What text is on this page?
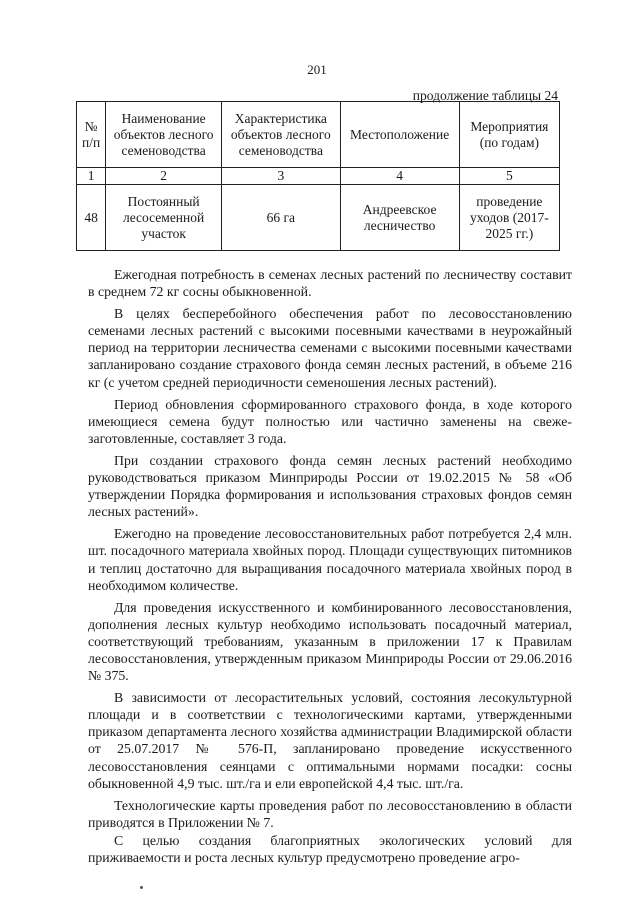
201
продолжение таблицы 24
№ п/п	Наименование объектов лесного семеноводства	Характеристика объектов лесного семеноводства	Местоположение	Мероприятия (по годам)
1	2	3	4	5
48	Постоянный лесосеменной участок	66 га	Андреевское лесничество	проведение уходов (2017-2025 гг.)

Ежегодная потребность в семенах лесных растений по лесничеству составит в среднем 72 кг сосны обыкновенной.

В целях бесперебойного обеспечения работ по лесовосстановлению семенами лесных растений с высокими посевными качествами в неурожайный период на территории лесничества семенами с высокими посевными качествами запланировано создание страхового фонда семян лесных растений, в объеме 216 кг (с учетом средней периодичности семеношения лесных растений).

Период обновления сформированного страхового фонда, в ходе которого имеющиеся семена будут полностью или частично заменены на свеже-заготовленные, составляет 3 года.

При создании страхового фонда семян лесных растений необходимо руководствоваться приказом Минприроды России от 19.02.2015 № 58 «Об утверждении Порядка формирования и использования страховых фондов семян лесных растений».

Ежегодно на проведение лесовосстановительных работ потребуется 2,4 млн. шт. посадочного материала хвойных пород. Площади существующих питомников и теплиц достаточно для выращивания посадочного материала хвойных пород в необходимом количестве.

Для проведения искусственного и комбинированного лесовосстановления, дополнения лесных культур необходимо использовать посадочный материал, соответствующий требованиям, указанным в приложении 17 к Правилам лесовосстановления, утвержденным приказом Минприроды России от 29.06.2016 № 375.

В зависимости от лесорастительных условий, состояния лесокультурной площади и в соответствии с технологическими картами, утвержденными приказом департамента лесного хозяйства администрации Владимирской области от 25.07.2017 № 576-П, запланировано проведение искусственного лесовосстановления сеянцами с оптимальными нормами посадки: сосны обыкновенной 4,9 тыс. шт./га и ели европейской 4,4 тыс. шт./га.

Технологические карты проведения работ по лесовосстановлению в области приводятся в Приложении № 7.

С целью создания благоприятных экологических условий для приживаемости и роста лесных культур предусмотрено проведение агро-
